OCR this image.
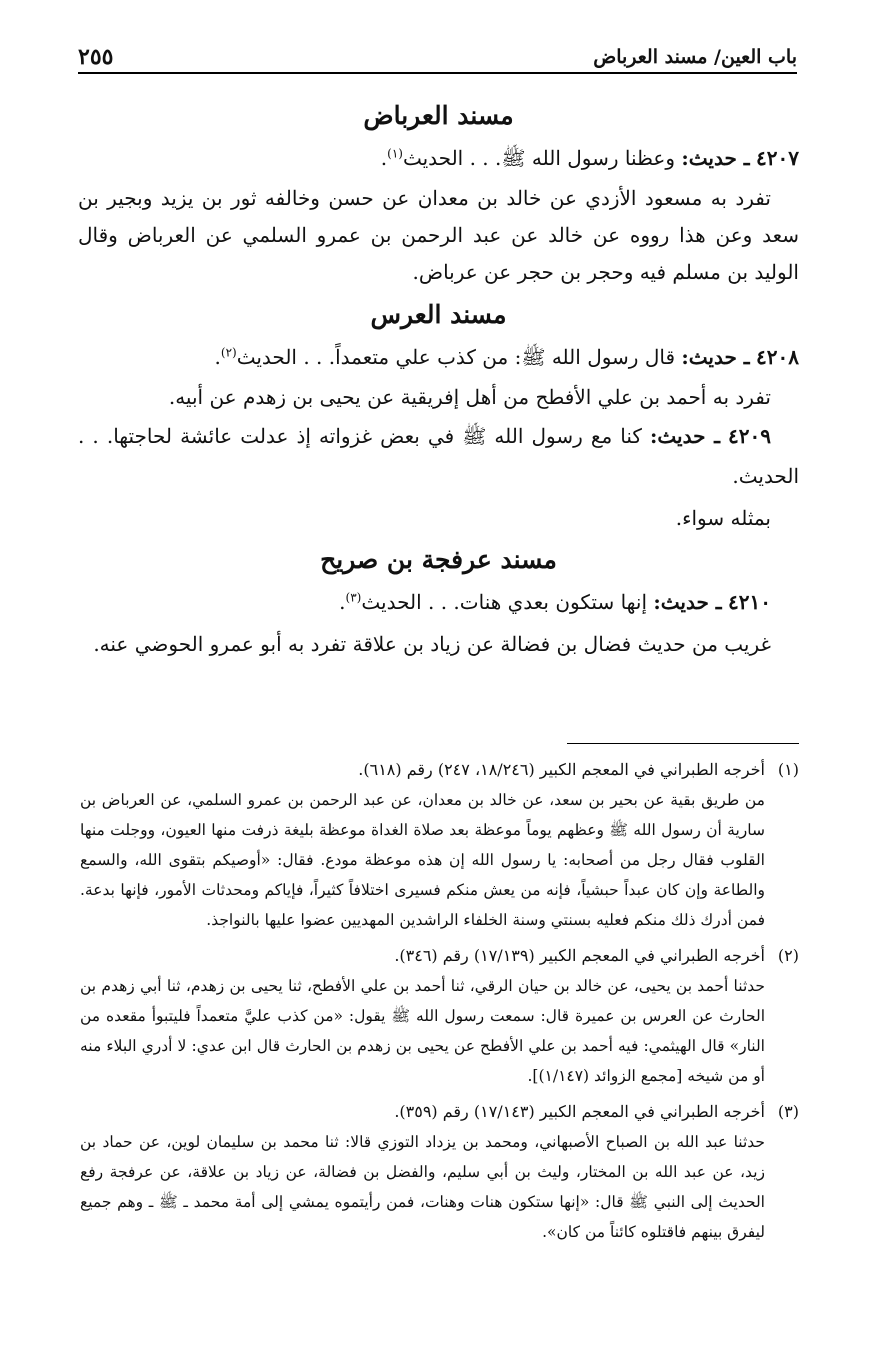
باب العين/ مسند العرباض
٢٥٥
مسند العرباض

٤٢٠٧ ـ حديث: وعظنا رسول الله ﷺ. . . الحديث$^{(١)}$.

تفرد به مسعود الأزدي عن خالد بن معدان عن حسن وخالفه ثور بن يزيد وبجير بن سعد وعن هذا رووه عن خالد عن عبد الرحمن بن عمرو السلمي عن العرباض وقال الوليد بن مسلم فيه وحجر بن حجر عن عرباض.

مسند العرس

٤٢٠٨ ـ حديث: قال رسول الله ﷺ: من كذب علي متعمداً. . . الحديث$^{(٢)}$.

تفرد به أحمد بن علي الأفطح من أهل إفريقية عن يحيى بن زهدم عن أبيه.

٤٢٠٩ ـ حديث: كنا مع رسول الله ﷺ في بعض غزواته إذ عدلت عائشة لحاجتها. . . الحديث.

بمثله سواء.

مسند عرفجة بن صريح

٤٢١٠ ـ حديث: إنها ستكون بعدي هنات. . . الحديث$^{(٣)}$.

غريب من حديث فضال بن فضالة عن زياد بن علاقة تفرد به أبو عمرو الحوضي عنه.

(١)أخرجه الطبراني في المعجم الكبير (١٨/٢٤٦، ٢٤٧) رقم (٦١٨).

من طريق بقية عن بحير بن سعد، عن خالد بن معدان، عن عبد الرحمن بن عمرو السلمي، عن العرباض بن سارية أن رسول الله ﷺ وعظهم يوماً موعظة بعد صلاة الغداة موعظة بليغة ذرفت منها العيون، ووجلت منها القلوب فقال رجل من أصحابه: يا رسول الله إن هذه موعظة مودع. فقال: «أوصيكم بتقوى الله، والسمع والطاعة وإن كان عبداً حبشياً، فإنه من يعش منكم فسيرى اختلافاً كثيراً، فإياكم ومحدثات الأمور، فإنها بدعة. فمن أدرك ذلك منكم فعليه بسنتي وسنة الخلفاء الراشدين المهديين عضوا عليها بالنواجذ.

(٢)أخرجه الطبراني في المعجم الكبير (١٧/١٣٩) رقم (٣٤٦).

حدثنا أحمد بن يحيى، عن خالد بن حيان الرقي، ثنا أحمد بن علي الأفطح، ثنا يحيى بن زهدم، ثنا أبي زهدم بن الحارث عن العرس بن عميرة قال: سمعت رسول الله ﷺ يقول: «من كذب عليَّ متعمداً فليتبوأ مقعده من النار» قال الهيثمي: فيه أحمد بن علي الأفطح عن يحيى بن زهدم بن الحارث قال ابن عدي: لا أدري البلاء منه أو من شيخه [مجمع الزوائد (١/١٤٧)].

(٣)أخرجه الطبراني في المعجم الكبير (١٧/١٤٣) رقم (٣٥٩).

حدثنا عبد الله بن الصباح الأصبهاني، ومحمد بن يزداد التوزي قالا: ثنا محمد بن سليمان لوين، عن حماد بن زيد، عن عبد الله بن المختار، وليث بن أبي سليم، والفضل بن فضالة، عن زياد بن علاقة، عن عرفجة رفع الحديث إلى النبي ﷺ قال: «إنها ستكون هنات وهنات، فمن رأيتموه يمشي إلى أمة محمد ـ ﷺ ـ وهم جميع ليفرق بينهم فاقتلوه كائناً من كان».
